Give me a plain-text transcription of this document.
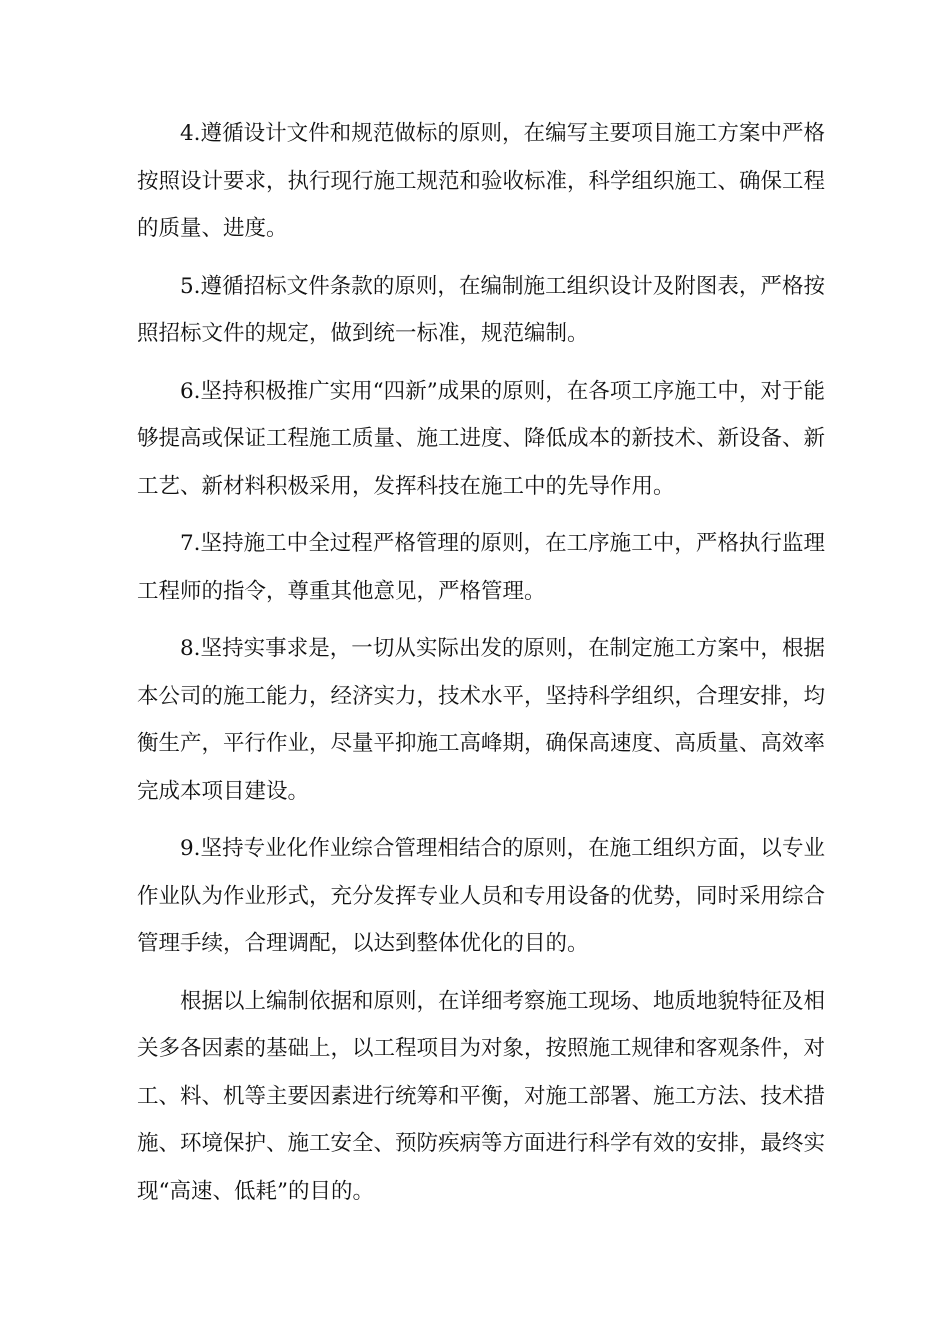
4.遵循设计文件和规范做标的原则，在编写主要项目施工方案中严格按照设计要求，执行现行施工规范和验收标准，科学组织施工、确保工程的质量、进度。

5.遵循招标文件条款的原则，在编制施工组织设计及附图表，严格按照招标文件的规定，做到统一标准，规范编制。

6.坚持积极推广实用“四新”成果的原则，在各项工序施工中，对于能够提高或保证工程施工质量、施工进度、降低成本的新技术、新设备、新工艺、新材料积极采用，发挥科技在施工中的先导作用。

7.坚持施工中全过程严格管理的原则，在工序施工中，严格执行监理工程师的指令，尊重其他意见，严格管理。

8.坚持实事求是，一切从实际出发的原则，在制定施工方案中，根据本公司的施工能力，经济实力，技术水平，坚持科学组织，合理安排，均衡生产，平行作业，尽量平抑施工高峰期，确保高速度、高质量、高效率完成本项目建设。

9.坚持专业化作业综合管理相结合的原则，在施工组织方面，以专业作业队为作业形式，充分发挥专业人员和专用设备的优势，同时采用综合管理手续，合理调配，以达到整体优化的目的。

根据以上编制依据和原则，在详细考察施工现场、地质地貌特征及相关多各因素的基础上，以工程项目为对象，按照施工规律和客观条件，对工、料、机等主要因素进行统筹和平衡，对施工部署、施工方法、技术措施、环境保护、施工安全、预防疾病等方面进行科学有效的安排，最终实现“高速、低耗”的目的。
